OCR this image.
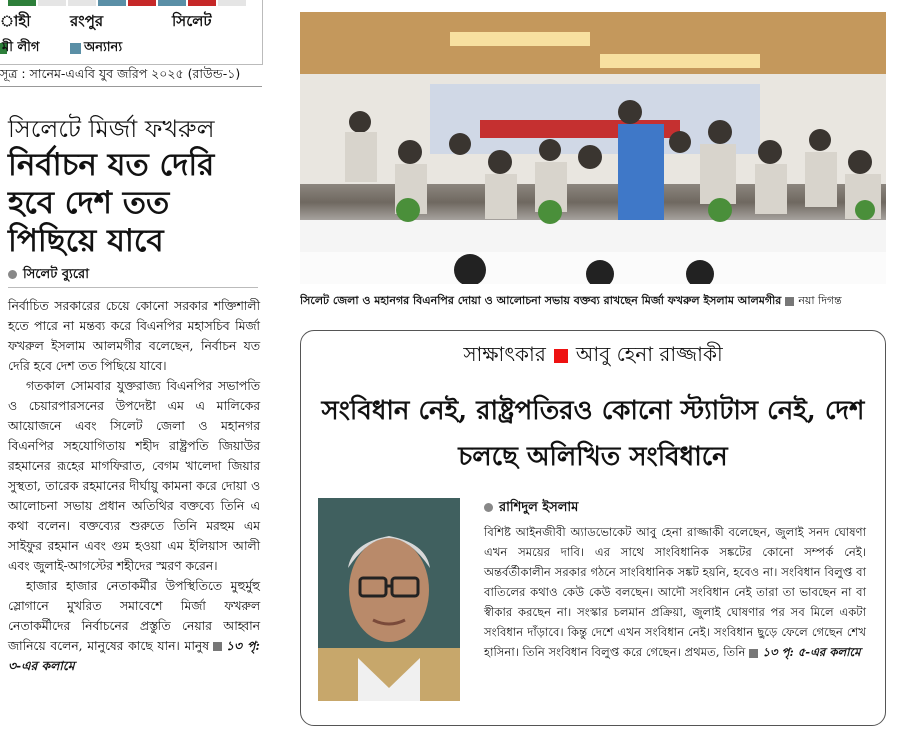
াহী	রংপুর	সিলেট
মী লীগ	অন্যান্য
সূত্র : সানেম-এএবি যুব জরিপ ২০২৫ (রাউন্ড-১)
সিলেটে মির্জা ফখরুল
নির্বাচন যত দেরি হবে দেশ তত পিছিয়ে যাবে
সিলেট ব্যুরো

নির্বাচিত সরকারের চেয়ে কোনো সরকার শক্তিশালী হতে পারে না মন্তব্য করে বিএনপির মহাসচিব মির্জা ফখরুল ইসলাম আলমগীর বলেছেন, নির্বাচন যত দেরি হবে দেশ তত পিছিয়ে যাবে।

গতকাল সোমবার যুক্তরাজ্য বিএনপির সভাপতি ও চেয়ারপারসনের উপদেষ্টা এম এ মালিকের আয়োজনে এবং সিলেট জেলা ও মহানগর বিএনপির সহযোগিতায় শহীদ রাষ্ট্রপতি জিয়াউর রহমানের রূহের মাগফিরাত, বেগম খালেদা জিয়ার সুস্থতা, তারেক রহমানের দীর্ঘায়ু কামনা করে দোয়া ও আলোচনা সভায় প্রধান অতিথির বক্তব্যে তিনি এ কথা বলেন। বক্তব্যের শুরুতে তিনি মরহুম এম সাইফুর রহমান এবং গুম হওয়া এম ইলিয়াস আলী এবং জুলাই-আগস্টের শহীদের স্মরণ করেন।

হাজার হাজার নেতাকর্মীর উপস্থিতিতে মুহুর্মুহু স্লোগানে মুখরিত সমাবেশে মির্জা ফখরুল নেতাকর্মীদের নির্বাচনের প্রস্তুতি নেয়ার আহ্বান জানিয়ে বলেন, মানুষের কাছে যান। মানুষ ১৩ পৃ: ৩-এর কলামে

সিলেট জেলা ও মহানগর বিএনপির দোয়া ও আলোচনা সভায় বক্তব্য রাখছেন মির্জা ফখরুল ইসলাম আলমগীর নয়া দিগন্ত
সাক্ষাৎকার আবু হেনা রাজ্জাকী
সংবিধান নেই, রাষ্ট্রপতিরও কোনো স্ট্যাটাস নেই, দেশ চলছে অলিখিত সংবিধানে
রাশিদুল ইসলাম

বিশিষ্ট আইনজীবী অ্যাডভোকেট আবু হেনা রাজ্জাকী বলেছেন, জুলাই সনদ ঘোষণা এখন সময়ের দাবি। এর সাথে সাংবিধানিক সঙ্কটের কোনো সম্পর্ক নেই। অন্তর্বর্তীকালীন সরকার গঠনে সাংবিধানিক সঙ্কট হয়নি, হবেও না। সংবিধান বিলুপ্ত বা বাতিলের কথাও কেউ কেউ বলছেন। আদৌ সংবিধান নেই তারা তা ভাবছেন না বা স্বীকার করছেন না। সংস্কার চলমান প্রক্রিয়া, জুলাই ঘোষণার পর সব মিলে একটা সংবিধান দাঁড়াবে। কিন্তু দেশে এখন সংবিধান নেই। সংবিধান ছুড়ে ফেলে গেছেন শেখ হাসিনা। তিনি সংবিধান বিলুপ্ত করে গেছেন। প্রথমত, তিনি ১৩ পৃ: ৫-এর কলামে
